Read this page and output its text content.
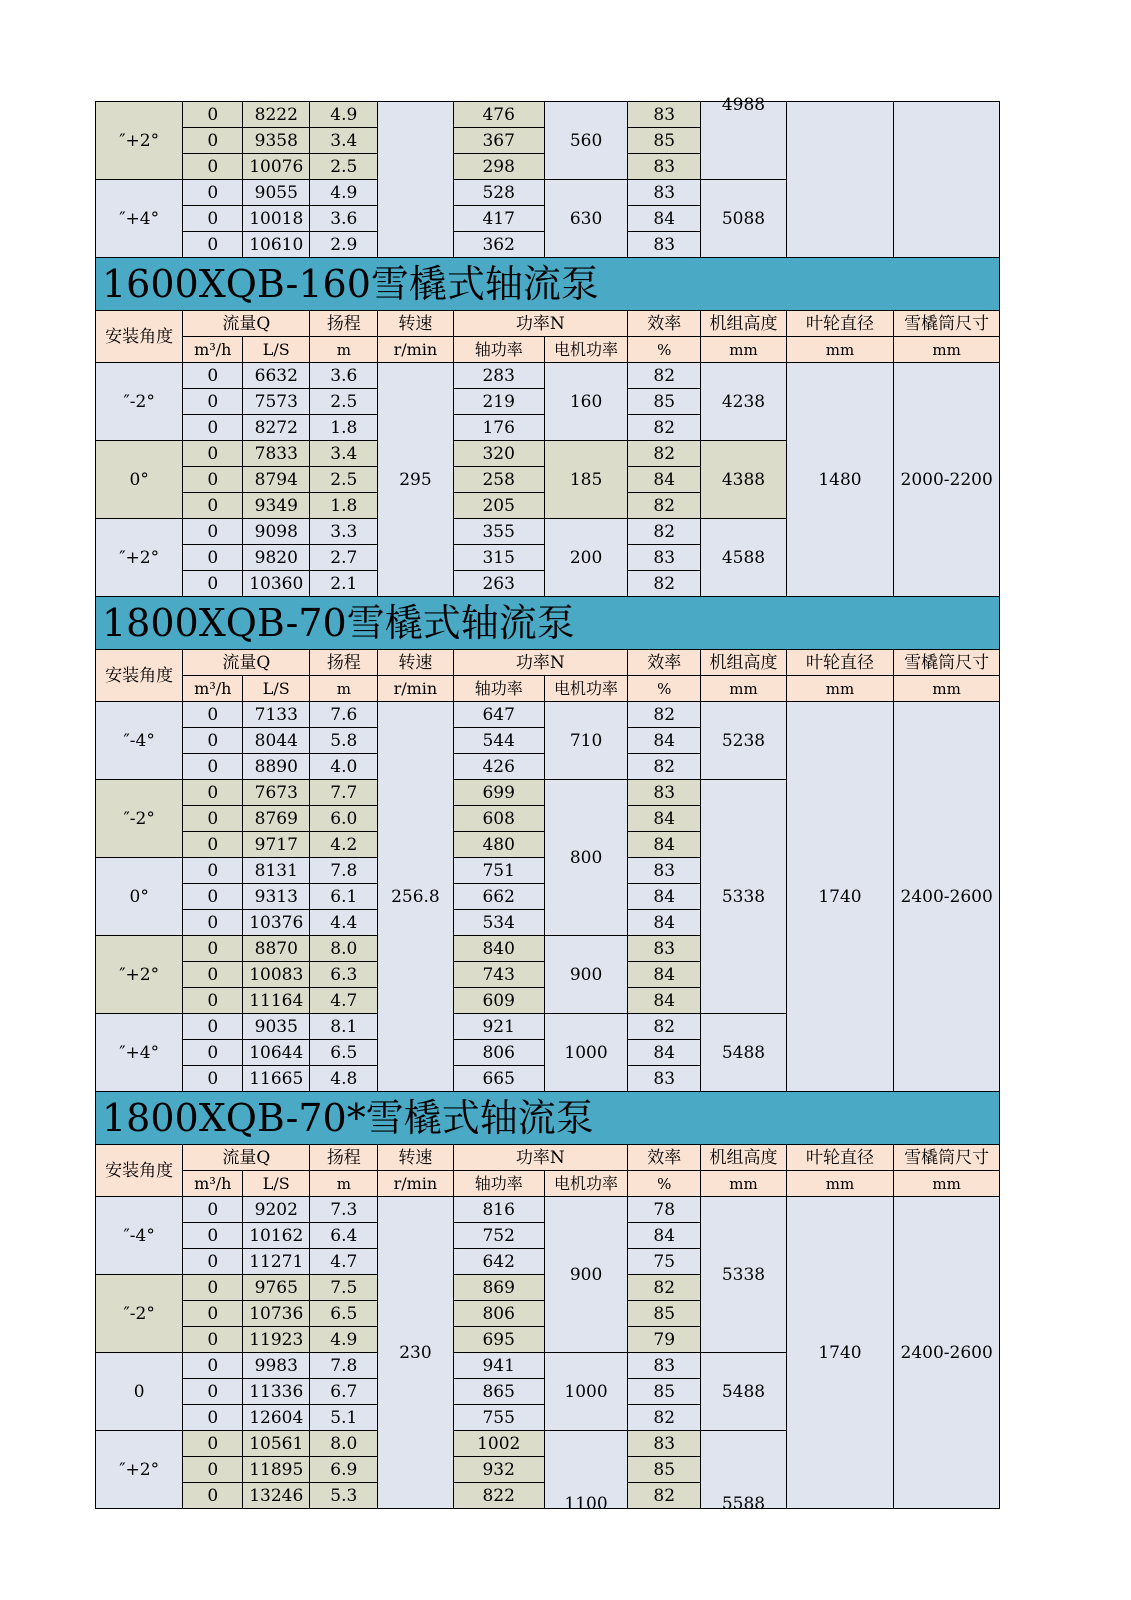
″+2°	0	8222	4.9		476	560	83	4988		
	0	9358	3.4		367		85			
	0	10076	2.5		298		83			
″+4°	0	9055	4.9		528	630	83	5088		
	0	10018	3.6		417		84			
	0	10610	2.9		362		83			
1600XQB-160雪橇式轴流泵										
安装角度	流量Q		扬程	转速	功率N		效率	机组高度	叶轮直径	雪橇筒尺寸
	m³/h	L/S	m	r/min	轴功率	电机功率	%	mm	mm	mm
″-2°	0	6632	3.6	295	283	160	82	4238	1480	2000-2200
	0	7573	2.5		219		85			
	0	8272	1.8		176		82			
0°	0	7833	3.4		320	185	82	4388		
	0	8794	2.5		258		84			
	0	9349	1.8		205		82			
″+2°	0	9098	3.3		355	200	82	4588		
	0	9820	2.7		315		83			
	0	10360	2.1		263		82			
1800XQB-70雪橇式轴流泵										
安装角度	流量Q		扬程	转速	功率N		效率	机组高度	叶轮直径	雪橇筒尺寸
	m³/h	L/S	m	r/min	轴功率	电机功率	%	mm	mm	mm
″-4°	0	7133	7.6	256.8	647	710	82	5238	1740	2400-2600
	0	8044	5.8		544		84			
	0	8890	4.0		426		82			
″-2°	0	7673	7.7		699	800	83	5338		
	0	8769	6.0		608		84			
	0	9717	4.2		480		84			
0°	0	8131	7.8		751		83			
	0	9313	6.1		662		84			
	0	10376	4.4		534		84			
″+2°	0	8870	8.0		840	900	83			
	0	10083	6.3		743		84			
	0	11164	4.7		609		84			
″+4°	0	9035	8.1		921	1000	82	5488		
	0	10644	6.5		806		84			
	0	11665	4.8		665		83			
1800XQB-70*雪橇式轴流泵										
安装角度	流量Q		扬程	转速	功率N		效率	机组高度	叶轮直径	雪橇筒尺寸
	m³/h	L/S	m	r/min	轴功率	电机功率	%	mm	mm	mm
″-4°	0	9202	7.3	230	816	900	78	5338	1740	2400-2600
	0	10162	6.4		752		84			
	0	11271	4.7		642		75			
″-2°	0	9765	7.5		869		82			
	0	10736	6.5		806		85			
	0	11923	4.9		695		79			
0	0	9983	7.8		941	1000	83	5488		
	0	11336	6.7		865		85			
	0	12604	5.1		755		82			
″+2°	0	10561	8.0		1002	1100	83	5588		
	0	11895	6.9		932		85			
	0	13246	5.3		822		82			
